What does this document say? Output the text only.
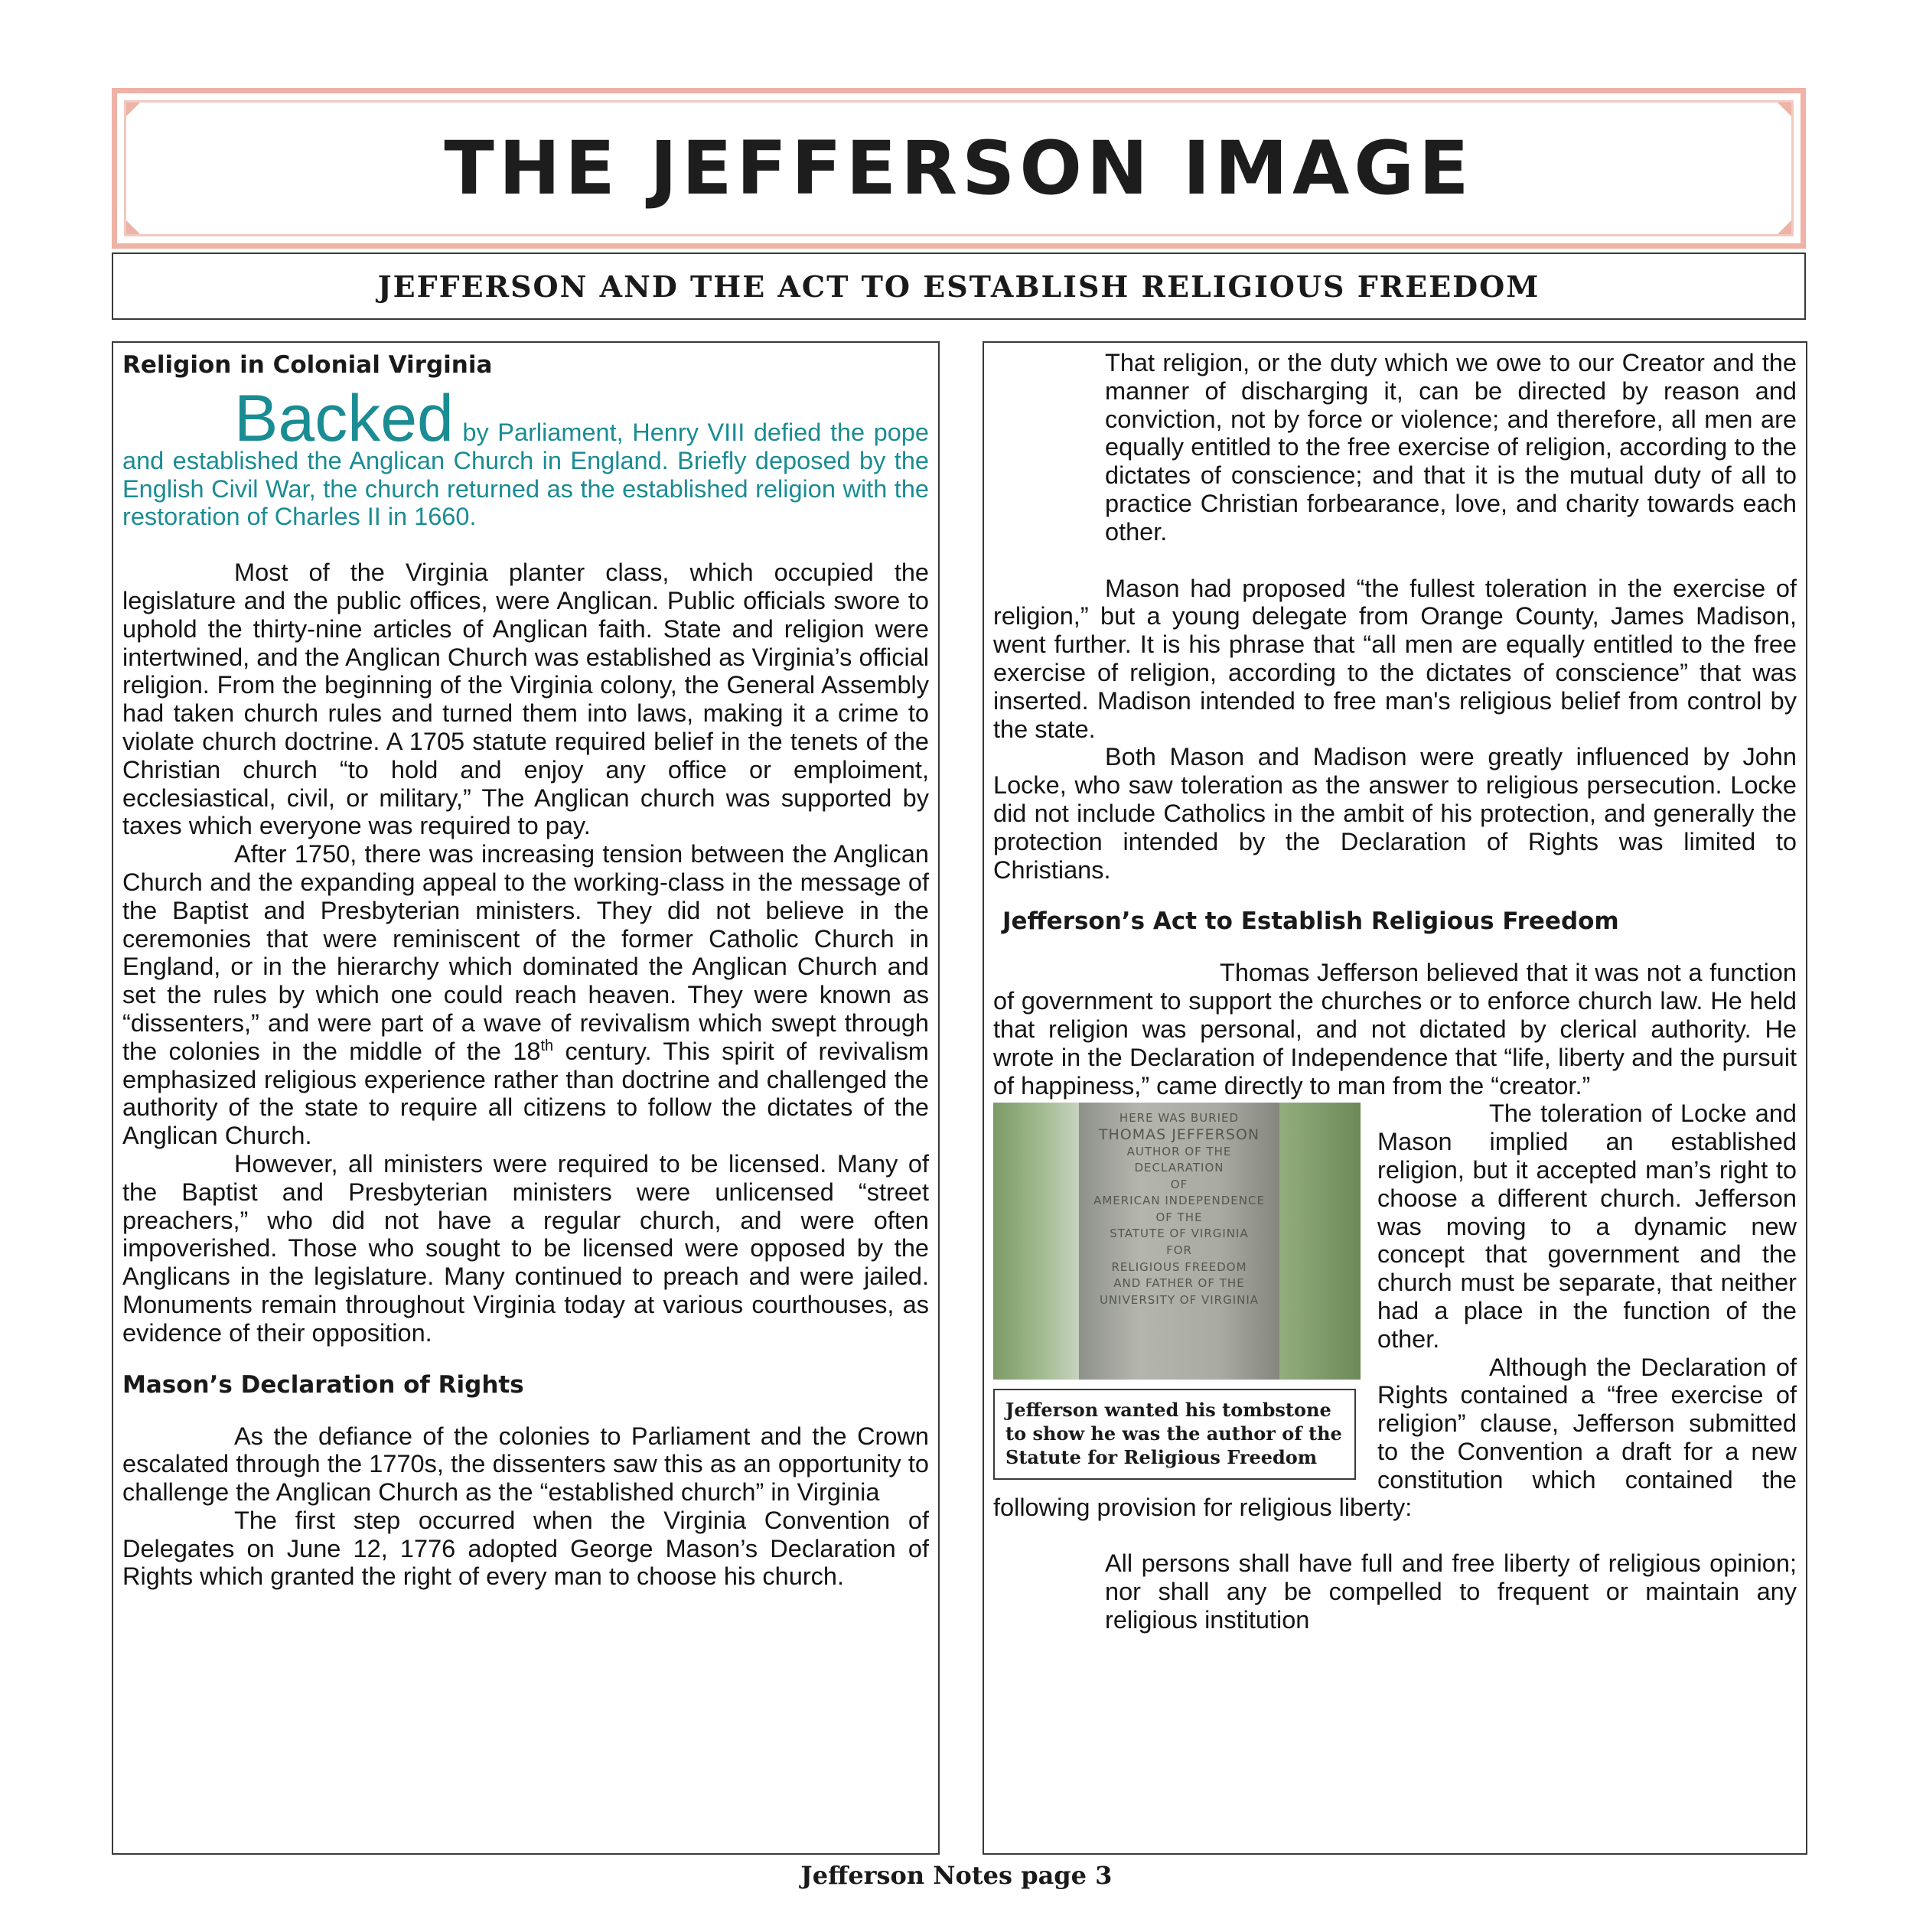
THE JEFFERSON IMAGE
JEFFERSON AND THE ACT TO ESTABLISH RELIGIOUS FREEDOM
Religion in Colonial Virginia

Backed by Parliament, Henry VIII defied the pope and established the Anglican Church in England. Briefly deposed by the English Civil War, the church returned as the established religion with the restoration of Charles II in 1660.

Most of the Virginia planter class, which occupied the legislature and the public offices, were Anglican. Public officials swore to uphold the thirty-nine articles of Anglican faith. State and religion were intertwined, and the Anglican Church was established as Virginia’s official religion. From the beginning of the Virginia colony, the General Assembly had taken church rules and turned them into laws, making it a crime to violate church doctrine. A 1705 statute required belief in the tenets of the Christian church “to hold and enjoy any office or emploiment, ecclesiastical, civil, or military,” The Anglican church was supported by taxes which everyone was required to pay.

After 1750, there was increasing tension between the Anglican Church and the expanding appeal to the working-class in the message of the Baptist and Presbyterian ministers. They did not believe in the ceremonies that were reminiscent of the former Catholic Church in England, or in the hierarchy which dominated the Anglican Church and set the rules by which one could reach heaven. They were known as “dissenters,” and were part of a wave of revivalism which swept through the colonies in the middle of the 18th century. This spirit of revivalism emphasized religious experience rather than doctrine and challenged the authority of the state to require all citizens to follow the dictates of the Anglican Church.

However, all ministers were required to be licensed. Many of the Baptist and Presbyterian ministers were unlicensed “street preachers,” who did not have a regular church, and were often impoverished. Those who sought to be licensed were opposed by the Anglicans in the legislature. Many continued to preach and were jailed. Monuments remain throughout Virginia today at various courthouses, as evidence of their opposition.

Mason’s Declaration of Rights

As the defiance of the colonies to Parliament and the Crown escalated through the 1770s, the dissenters saw this as an opportunity to challenge the Anglican Church as the “established church” in Virginia

The first step occurred when the Virginia Convention of Delegates on June 12, 1776 adopted George Mason’s Declaration of Rights which granted the right of every man to choose his church.

That religion, or the duty which we owe to our Creator and the manner of discharging it, can be directed by reason and conviction, not by force or violence; and therefore, all men are equally entitled to the free exercise of religion, according to the dictates of conscience; and that it is the mutual duty of all to practice Christian forbearance, love, and charity towards each other.

Mason had proposed “the fullest toleration in the exercise of religion,” but a young delegate from Orange County, James Madison, went further. It is his phrase that “all men are equally entitled to the free exercise of religion, according to the dictates of conscience” that was inserted. Madison intended to free man's religious belief from control by the state.

Both Mason and Madison were greatly influenced by John Locke, who saw toleration as the answer to religious persecution. Locke did not include Catholics in the ambit of his protection, and generally the protection intended by the Declaration of Rights was limited to Christians.

Jefferson’s Act to Establish Religious Freedom

Thomas Jefferson believed that it was not a function of government to support the churches or to enforce church law. He held that religion was personal, and not dictated by clerical authority. He wrote in the Declaration of Independence that “life, liberty and the pursuit of happiness,” came directly to man from the “creator.”

HERE WAS BURIED
THOMAS JEFFERSON
AUTHOR OF THE
DECLARATION
OF
AMERICAN INDEPENDENCE
OF THE
STATUTE OF VIRGINIA
FOR
RELIGIOUS FREEDOM
AND FATHER OF THE
UNIVERSITY OF VIRGINIA
Jefferson wanted his tombstone to show he was the author of the Statute for Religious Freedom

The toleration of Locke and Mason implied an established religion, but it accepted man’s right to choose a different church. Jefferson was moving to a dynamic new concept that government and the church must be separate, that neither had a place in the function of the other.

Although the Declaration of Rights contained a “free exercise of religion” clause, Jefferson submitted to the Convention a draft for a new constitution which contained the following provision for religious liberty:

All persons shall have full and free liberty of religious opinion; nor shall any be compelled to frequent or maintain any religious institution

Jefferson Notes page 3
